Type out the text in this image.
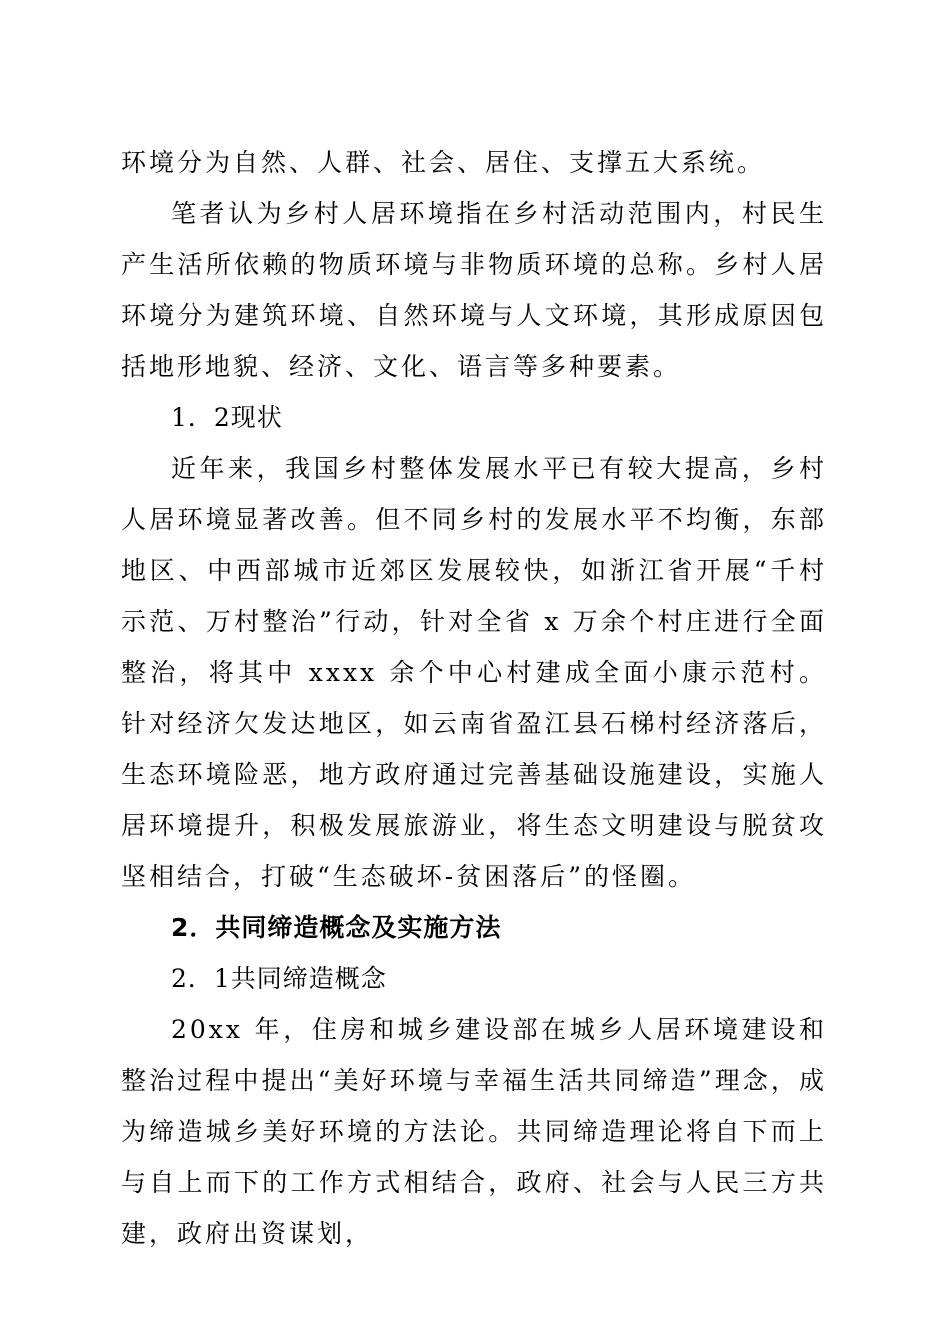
环境分为自然、人群、社会、居住、支撑五大系统。

笔者认为乡村人居环境指在乡村活动范围内，村民生产生活所依赖的物质环境与非物质环境的总称。乡村人居环境分为建筑环境、自然环境与人文环境，其形成原因包括地形地貌、经济、文化、语言等多种要素。

1．2现状

近年来，我国乡村整体发展水平已有较大提高，乡村人居环境显著改善。但不同乡村的发展水平不均衡，东部地区、中西部城市近郊区发展较快，如浙江省开展“千村示范、万村整治”行动，针对全省 x 万余个村庄进行全面整治，将其中 xxxx 余个中心村建成全面小康示范村。针对经济欠发达地区，如云南省盈江县石梯村经济落后，生态环境险恶，地方政府通过完善基础设施建设，实施人居环境提升，积极发展旅游业，将生态文明建设与脱贫攻坚相结合，打破“生态破坏-贫困落后”的怪圈。

2．共同缔造概念及实施方法

2．1共同缔造概念

20xx 年，住房和城乡建设部在城乡人居环境建设和整治过程中提出“美好环境与幸福生活共同缔造”理念，成为缔造城乡美好环境的方法论。共同缔造理论将自下而上与自上而下的工作方式相结合，政府、社会与人民三方共建，政府出资谋划，
